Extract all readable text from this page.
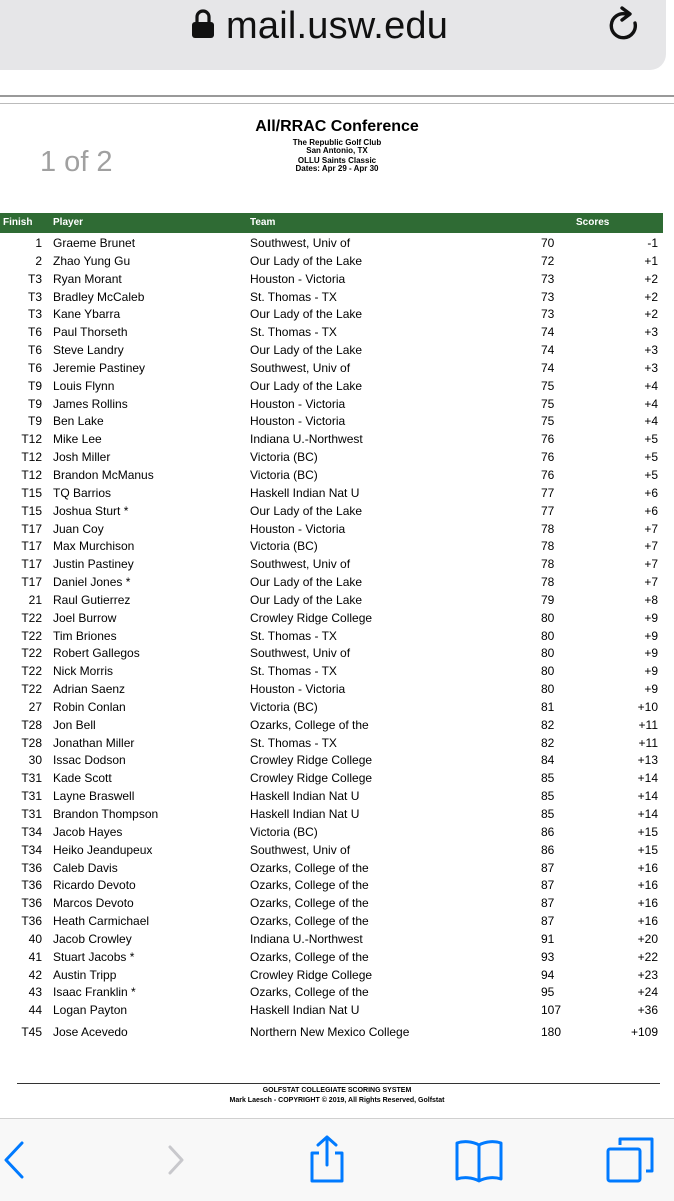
mail.usw.edu
1 of 2
All/RRAC Conference
The Republic Golf Club
San Antonio, TX
OLLU Saints Classic
Dates: Apr 29 - Apr 30
Finish Player	Team	Scores
1 Graeme Brunet	Southwest, Univ of	70	-1
2 Zhao Yung Gu	Our Lady of the Lake	72	+1
T3 Ryan Morant	Houston - Victoria	73	+2
T3 Bradley McCaleb	St. Thomas - TX	73	+2
T3 Kane Ybarra	Our Lady of the Lake	73	+2
T6 Paul Thorseth	St. Thomas - TX	74	+3
T6 Steve Landry	Our Lady of the Lake	74	+3
T6 Jeremie Pastiney	Southwest, Univ of	74	+3
T9 Louis Flynn	Our Lady of the Lake	75	+4
T9 James Rollins	Houston - Victoria	75	+4
T9 Ben Lake	Houston - Victoria	75	+4
T12 Mike Lee	Indiana U.-Northwest	76	+5
T12 Josh Miller	Victoria (BC)	76	+5
T12 Brandon McManus	Victoria (BC)	76	+5
T15 TQ Barrios	Haskell Indian Nat U	77	+6
T15 Joshua Sturt *	Our Lady of the Lake	77	+6
T17 Juan Coy	Houston - Victoria	78	+7
T17 Max Murchison	Victoria (BC)	78	+7
T17 Justin Pastiney	Southwest, Univ of	78	+7
T17 Daniel Jones *	Our Lady of the Lake	78	+7
21 Raul Gutierrez	Our Lady of the Lake	79	+8
T22 Joel Burrow	Crowley Ridge College	80	+9
T22 Tim Briones	St. Thomas - TX	80	+9
T22 Robert Gallegos	Southwest, Univ of	80	+9
T22 Nick Morris	St. Thomas - TX	80	+9
T22 Adrian Saenz	Houston - Victoria	80	+9
27 Robin Conlan	Victoria (BC)	81	+10
T28 Jon Bell	Ozarks, College of the	82	+11
T28 Jonathan Miller	St. Thomas - TX	82	+11
30 Issac Dodson	Crowley Ridge College	84	+13
T31 Kade Scott	Crowley Ridge College	85	+14
T31 Layne Braswell	Haskell Indian Nat U	85	+14
T31 Brandon Thompson	Haskell Indian Nat U	85	+14
T34 Jacob Hayes	Victoria (BC)	86	+15
T34 Heiko Jeandupeux	Southwest, Univ of	86	+15
T36 Caleb Davis	Ozarks, College of the	87	+16
T36 Ricardo Devoto	Ozarks, College of the	87	+16
T36 Marcos Devoto	Ozarks, College of the	87	+16
T36 Heath Carmichael	Ozarks, College of the	87	+16
40 Jacob Crowley	Indiana U.-Northwest	91	+20
41 Stuart Jacobs *	Ozarks, College of the	93	+22
42 Austin Tripp	Crowley Ridge College	94	+23
43 Isaac Franklin *	Ozarks, College of the	95	+24
44 Logan Payton	Haskell Indian Nat U	107	+36
T45 Jose Acevedo	Northern New Mexico College	180	+109
GOLFSTAT COLLEGIATE SCORING SYSTEM
Mark Laesch - COPYRIGHT © 2019, All Rights Reserved, Golfstat
